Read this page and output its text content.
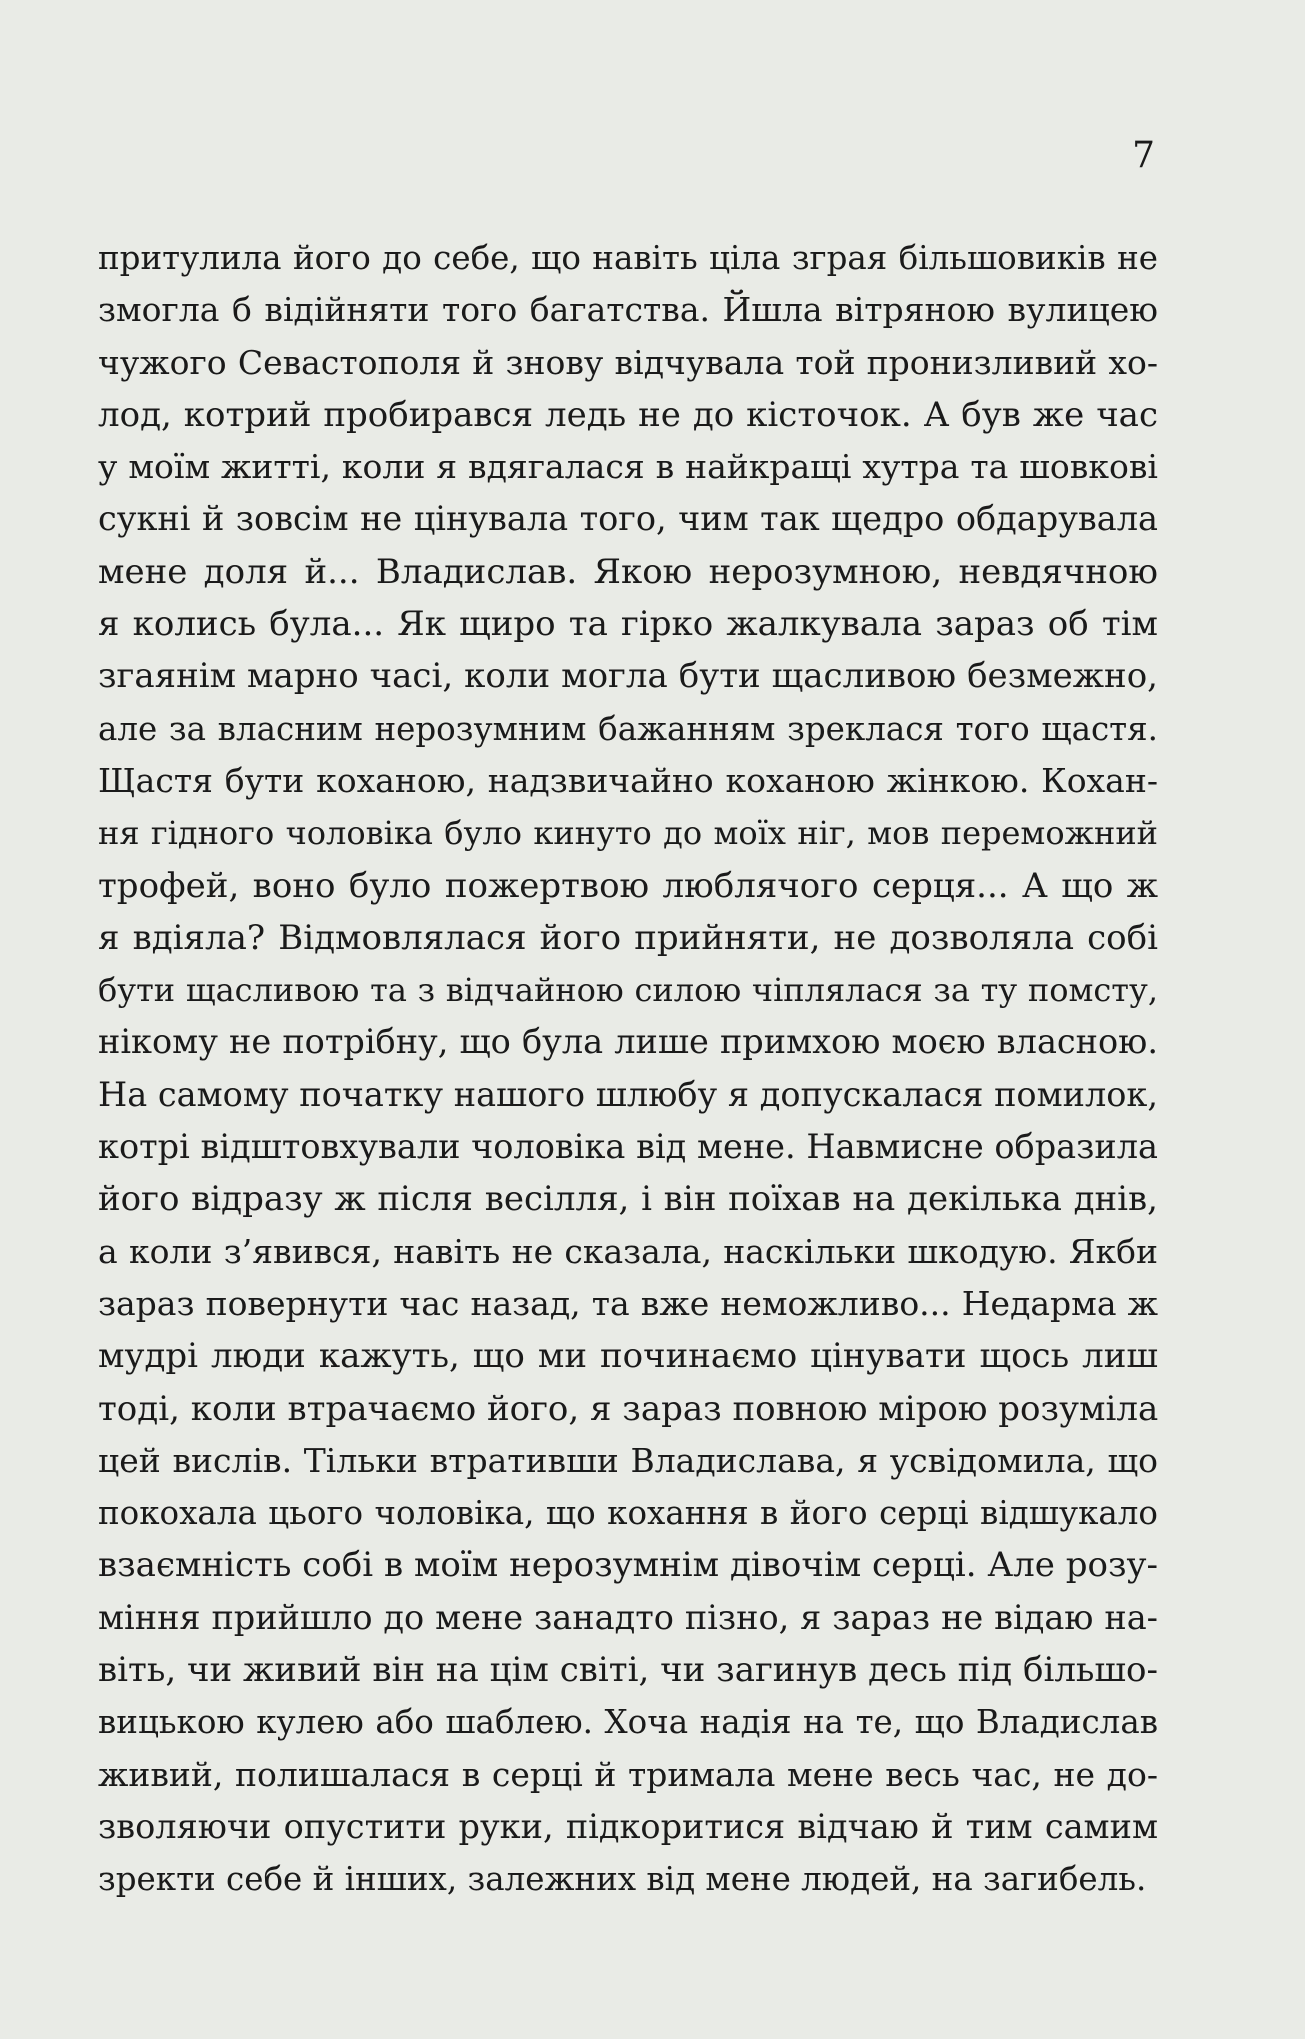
7
притулила його до себе, що навіть ціла зграя більшовиків не
змогла б відійняти того багатства. Йшла вітряною вулицею
чужого Севастополя й знову відчувала той пронизливий хо-
лод, котрий пробирався ледь не до кісточок. А був же час
у моїм житті, коли я вдягалася в найкращі хутра та шовкові
сукні й зовсім не цінувала того, чим так щедро обдарувала
мене доля й... Владислав. Якою нерозумною, невдячною
я колись була... Як щиро та гірко жалкувала зараз об тім
згаянім марно часі, коли могла бути щасливою безмежно,
але за власним нерозумним бажанням зреклася того щастя.
Щастя бути коханою, надзвичайно коханою жінкою. Кохан-
ня гідного чоловіка було кинуто до моїх ніг, мов переможний
трофей, воно було пожертвою люблячого серця... А що ж
я вдіяла? Відмовлялася його прийняти, не дозволяла собі
бути щасливою та з відчайною силою чіплялася за ту помсту,
нікому не потрібну, що була лише примхою моєю власною.
На самому початку нашого шлюбу я допускалася помилок,
котрі відштовхували чоловіка від мене. Навмисне образила
його відразу ж після весілля, і він поїхав на декілька днів,
а коли з’явився, навіть не сказала, наскільки шкодую. Якби
зараз повернути час назад, та вже неможливо... Недарма ж
мудрі люди кажуть, що ми починаємо цінувати щось лиш
тоді, коли втрачаємо його, я зараз повною мірою розуміла
цей вислів. Тільки втративши Владислава, я усвідомила, що
покохала цього чоловіка, що кохання в його серці відшукало
взаємність собі в моїм нерозумнім дівочім серці. Але розу-
міння прийшло до мене занадто пізно, я зараз не відаю на-
віть, чи живий він на цім світі, чи загинув десь під більшо-
вицькою кулею або шаблею. Хоча надія на те, що Владислав
живий, полишалася в серці й тримала мене весь час, не до-
зволяючи опустити руки, підкоритися відчаю й тим самим
зректи себе й інших, залежних від мене людей, на загибель.
